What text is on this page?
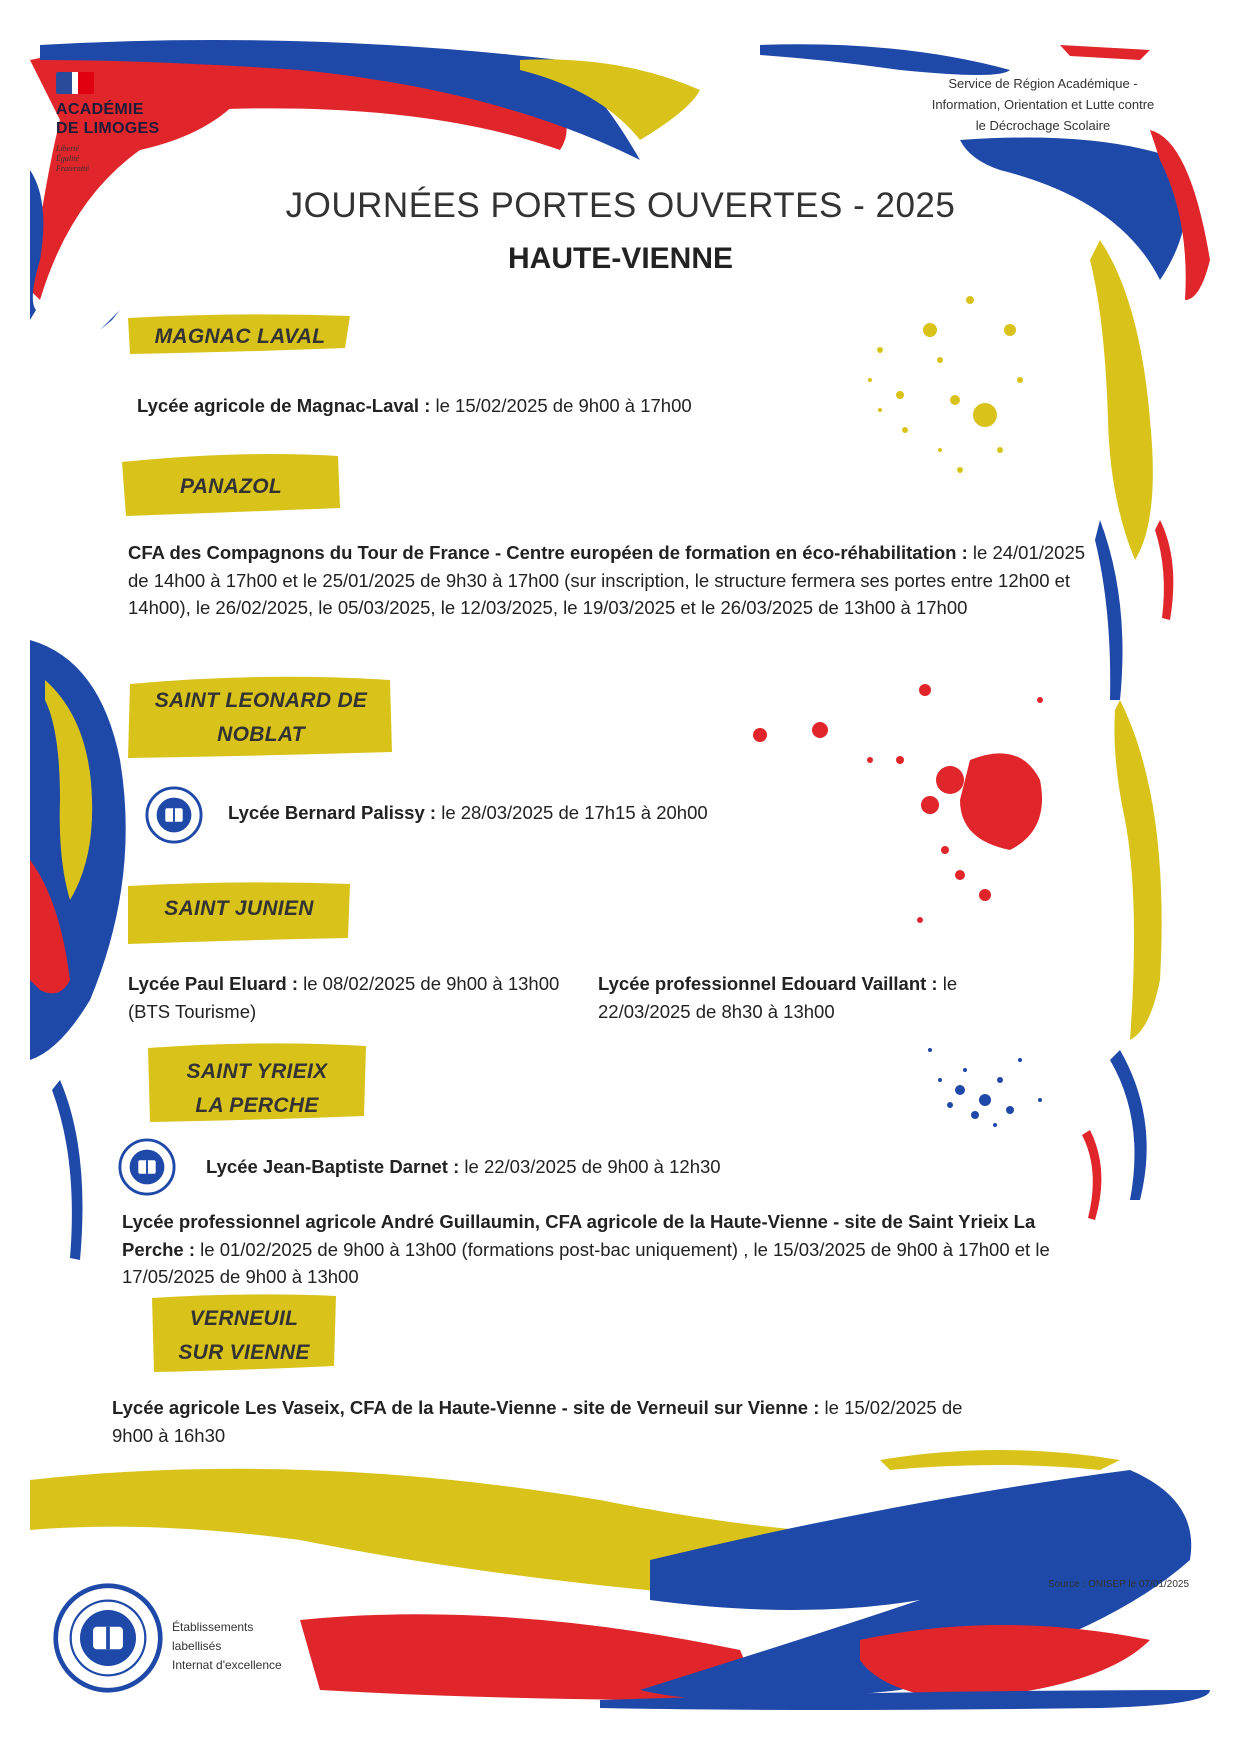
ACADÉMIE
DE LIMOGES
Liberté
Égalité
Fraternité
Service de Région Académique -
Information, Orientation et Lutte contre
le Décrochage Scolaire
JOURNÉES PORTES OUVERTES - 2025
HAUTE-VIENNE
MAGNAC LAVAL
Lycée agricole de Magnac-Laval : le 15/02/2025 de 9h00 à 17h00
PANAZOL
CFA des Compagnons du Tour de France - Centre européen de formation en éco-réhabilitation : le 24/01/2025 de 14h00 à 17h00 et le 25/01/2025 de 9h30 à 17h00 (sur inscription, le structure fermera ses portes entre 12h00 et 14h00), le 26/02/2025, le 05/03/2025, le 12/03/2025, le 19/03/2025 et le 26/03/2025 de 13h00 à 17h00
SAINT LEONARD DE
NOBLAT
Lycée Bernard Palissy : le 28/03/2025 de 17h15 à 20h00
SAINT JUNIEN
Lycée Paul Eluard : le 08/02/2025 de 9h00 à 13h00 (BTS Tourisme)
Lycée professionnel Edouard Vaillant : le 22/03/2025 de 8h30 à 13h00
SAINT YRIEIX
LA PERCHE
Lycée Jean-Baptiste Darnet : le 22/03/2025 de 9h00 à 12h30
Lycée professionnel agricole André Guillaumin, CFA agricole de la Haute-Vienne - site de Saint Yrieix La Perche : le 01/02/2025 de 9h00 à 13h00 (formations post-bac uniquement) , le 15/03/2025 de 9h00 à 17h00 et le 17/05/2025 de 9h00 à 13h00
VERNEUIL
SUR VIENNE
Lycée agricole Les Vaseix, CFA de la Haute-Vienne - site de Verneuil sur Vienne : le 15/02/2025 de 9h00 à 16h30
Établissements
labellisés
Internat d'excellence
Source : ONISEP le 07/01/2025
